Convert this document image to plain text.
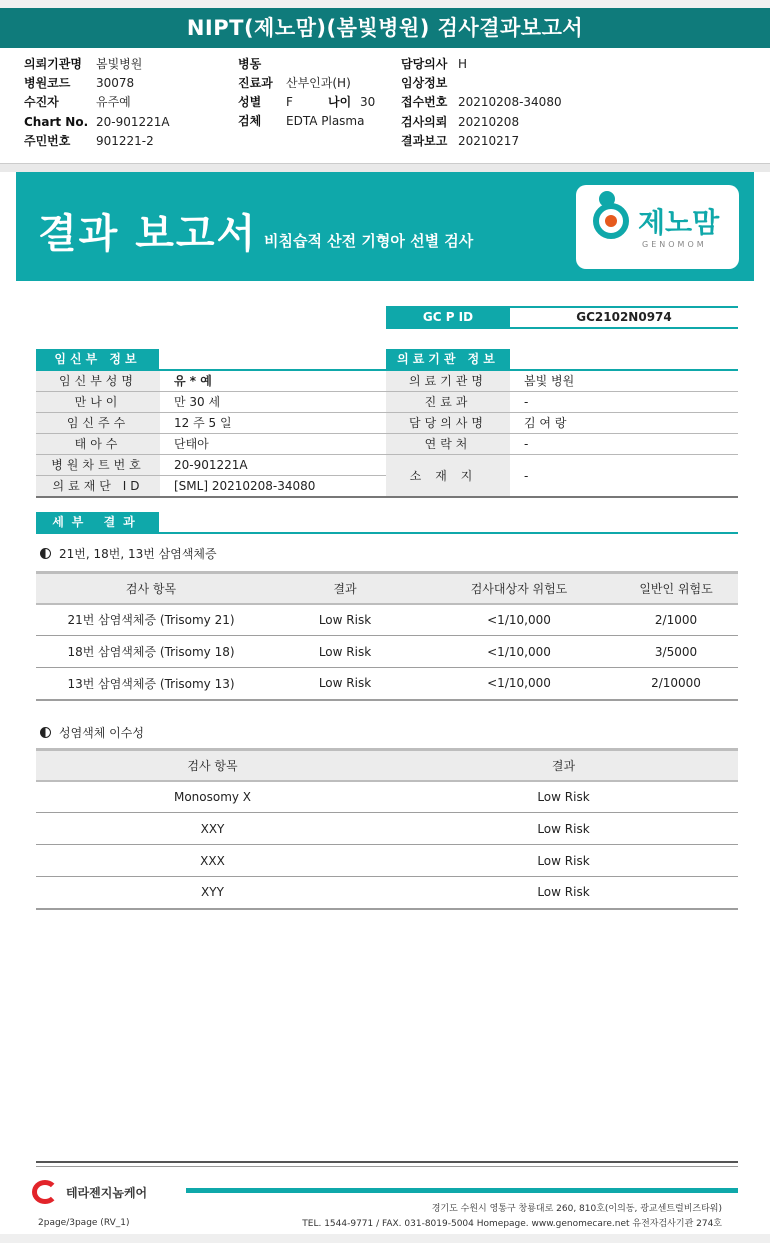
NIPT(제노맘)(봄빛병원) 검사결과보고서
의뢰기관명 봄빛병원
병원코드 30078
수진자	유주예
Chart No. 20-901221A
주민번호 901221-2
병동
진료과 산부인과(H)
성별 F	나이 30
검체 EDTA Plasma
담당의사 H
임상정보
접수번호 20210208-34080
검사의뢰 20210208
결과보고 20210217
결과 보고서 비침습적 산전 기형아 선별 검사
제노맘
GENOMOM
GC P ID	GC2102N0974
임신부 정보
임신부성명	유 * 예
만나이	만 30 세
임신주수	12 주 5 일
태아수	단태아
병원차트번호	20-901221A
의료재단 ID	[SML] 20210208-34080
의료기관 정보
의료기관명	봄빛 병원
진료과	-
담당의사명	김 여 랑
연락처	-
소재지	-
세부 결과
21번, 18번, 13번 삼염색체증
검사 항목	결과	검사대상자 위험도	일반인 위험도
21번 삼염색체증 (Trisomy 21)	Low Risk	<1/10,000	2/1000
18번 삼염색체증 (Trisomy 18)	Low Risk	<1/10,000	3/5000
13번 삼염색체증 (Trisomy 13)	Low Risk	<1/10,000	2/10000
성염색체 이수성
검사 항목	결과
Monosomy X	Low Risk
XXY	Low Risk
XXX	Low Risk
XYY	Low Risk
테라젠지놈케어
경기도 수원시 영통구 창룡대로 260, 810호(이의동, 광교센트럴비즈타워)
TEL. 1544-9771 / FAX. 031-8019-5004 Homepage. www.genomecare.net 유전자검사기관 274호
2page/3page (RV_1)
